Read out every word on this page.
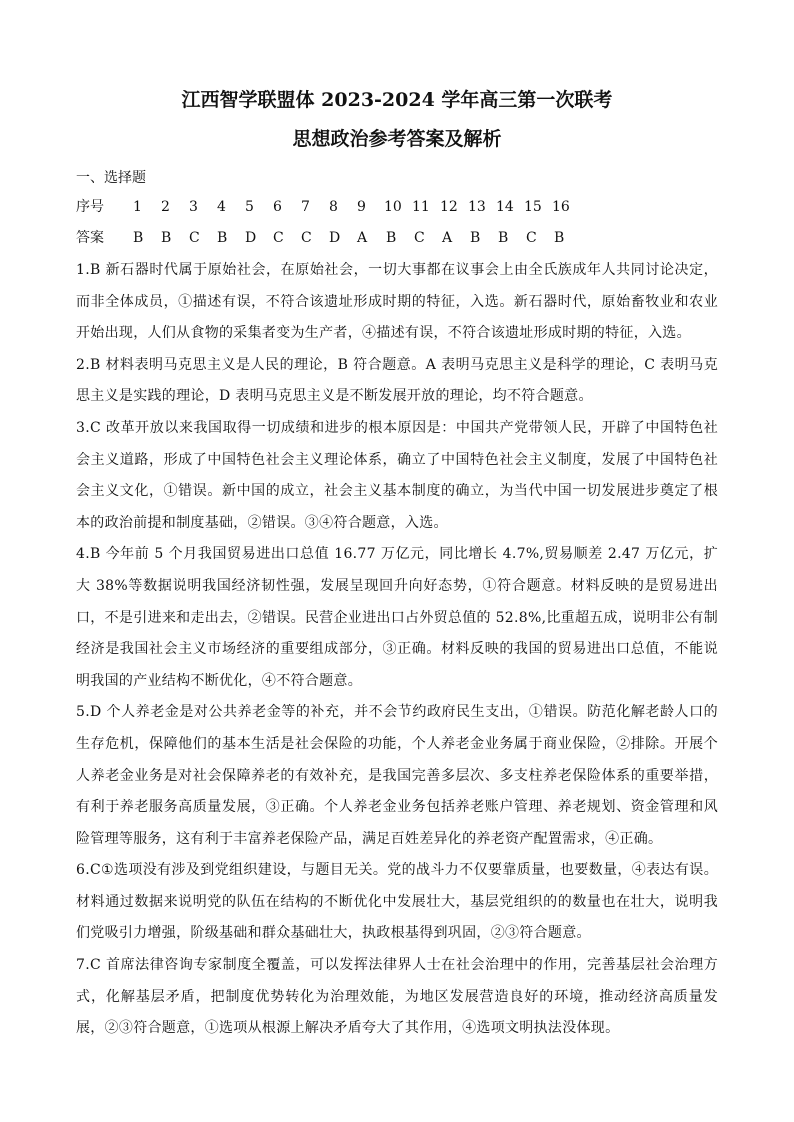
江西智学联盟体 2023-2024 学年高三第一次联考
思想政治参考答案及解析
一、选择题
序号 1 2 3 4 5 6 7 8 9 10 11 12 13 14 15 16
答案 B B C B D C C D A B C A B B C B

1.B 新石器时代属于原始社会，在原始社会，一切大事都在议事会上由全氏族成年人共同讨论决定，而非全体成员，①描述有误，不符合该遗址形成时期的特征，入选。新石器时代，原始畜牧业和农业开始出现，人们从食物的采集者变为生产者，④描述有误，不符合该遗址形成时期的特征，入选。

2.B 材料表明马克思主义是人民的理论，B 符合题意。A 表明马克思主义是科学的理论，C 表明马克思主义是实践的理论，D 表明马克思主义是不断发展开放的理论，均不符合题意。

3.C 改革开放以来我国取得一切成绩和进步的根本原因是：中国共产党带领人民，开辟了中国特色社会主义道路，形成了中国特色社会主义理论体系，确立了中国特色社会主义制度，发展了中国特色社会主义文化，①错误。新中国的成立，社会主义基本制度的确立，为当代中国一切发展进步奠定了根本的政治前提和制度基础，②错误。③④符合题意，入选。

4.B 今年前 5 个月我国贸易进出口总值 16.77 万亿元，同比增长 4.7%,贸易顺差 2.47 万亿元，扩大 38%等数据说明我国经济韧性强，发展呈现回升向好态势，①符合题意。材料反映的是贸易进出口，不是引进来和走出去，②错误。民营企业进出口占外贸总值的 52.8%,比重超五成，说明非公有制经济是我国社会主义市场经济的重要组成部分，③正确。材料反映的我国的贸易进出口总值，不能说明我国的产业结构不断优化，④不符合题意。

5.D 个人养老金是对公共养老金等的补充，并不会节约政府民生支出，①错误。防范化解老龄人口的生存危机，保障他们的基本生活是社会保险的功能，个人养老金业务属于商业保险，②排除。开展个人养老金业务是对社会保障养老的有效补充，是我国完善多层次、多支柱养老保险体系的重要举措，有利于养老服务高质量发展，③正确。个人养老金业务包括养老账户管理、养老规划、资金管理和风险管理等服务，这有利于丰富养老保险产品，满足百姓差异化的养老资产配置需求，④正确。

6.C①选项没有涉及到党组织建设，与题目无关。党的战斗力不仅要靠质量，也要数量，④表达有误。材料通过数据来说明党的队伍在结构的不断优化中发展壮大，基层党组织的的数量也在壮大，说明我们党吸引力增强，阶级基础和群众基础壮大，执政根基得到巩固，②③符合题意。

7.C 首席法律咨询专家制度全覆盖，可以发挥法律界人士在社会治理中的作用，完善基层社会治理方式，化解基层矛盾，把制度优势转化为治理效能，为地区发展营造良好的环境，推动经济高质量发展，②③符合题意，①选项从根源上解决矛盾夸大了其作用，④选项文明执法没体现。
